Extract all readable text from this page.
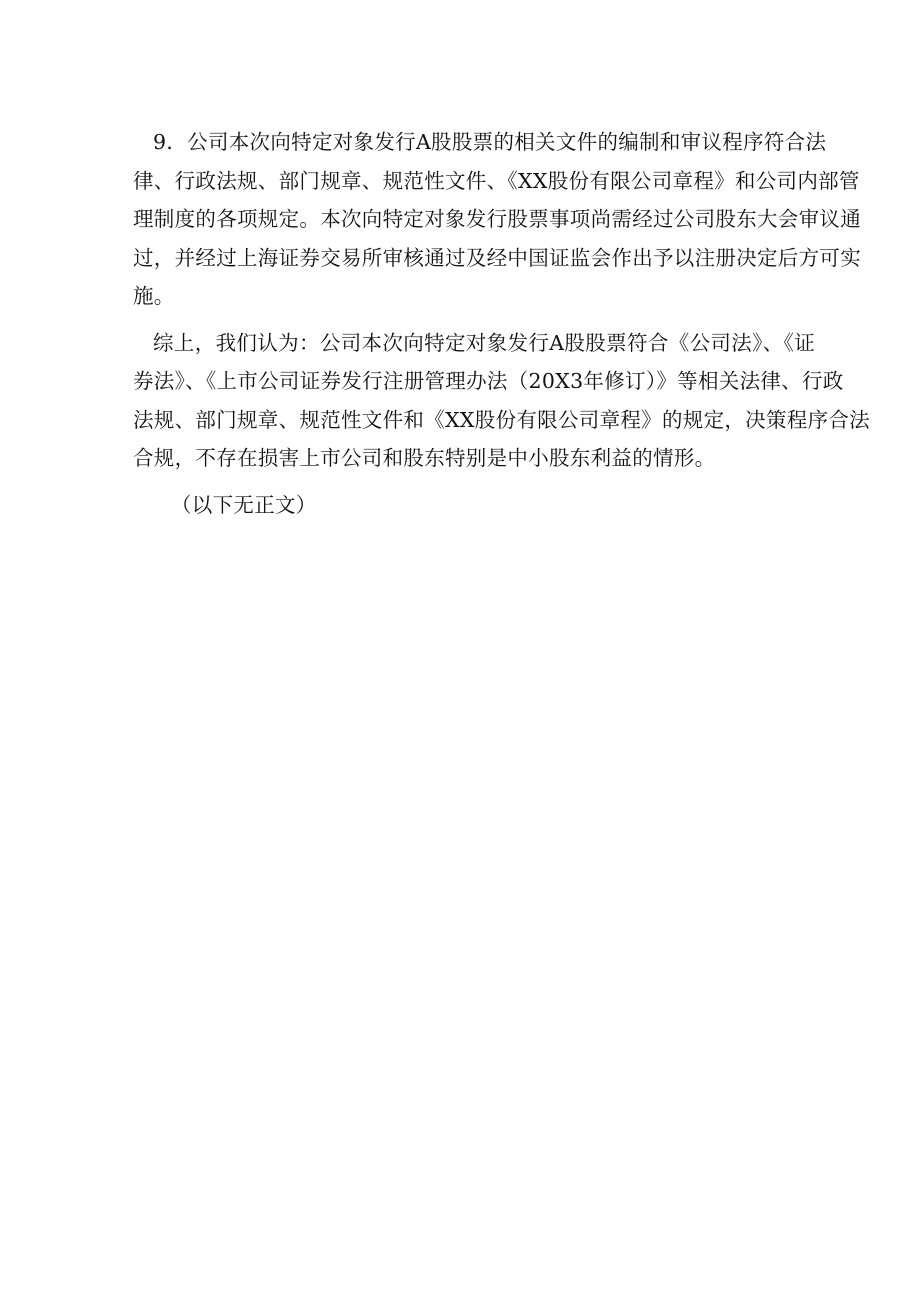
9．公司本次向特定对象发行A股股票的相关文件的编制和审议程序符合法
律、行政法规、部门规章、规范性文件、《XX股份有限公司章程》和公司内部管
理制度的各项规定。本次向特定对象发行股票事项尚需经过公司股东大会审议通
过，并经过上海证券交易所审核通过及经中国证监会作出予以注册决定后方可实
施。
综上，我们认为：公司本次向特定对象发行A股股票符合《公司法》、《证
券法》、《上市公司证券发行注册管理办法（20X3年修订）》等相关法律、行政
法规、部门规章、规范性文件和《XX股份有限公司章程》的规定，决策程序合法
合规，不存在损害上市公司和股东特别是中小股东利益的情形。

（以下无正文）
